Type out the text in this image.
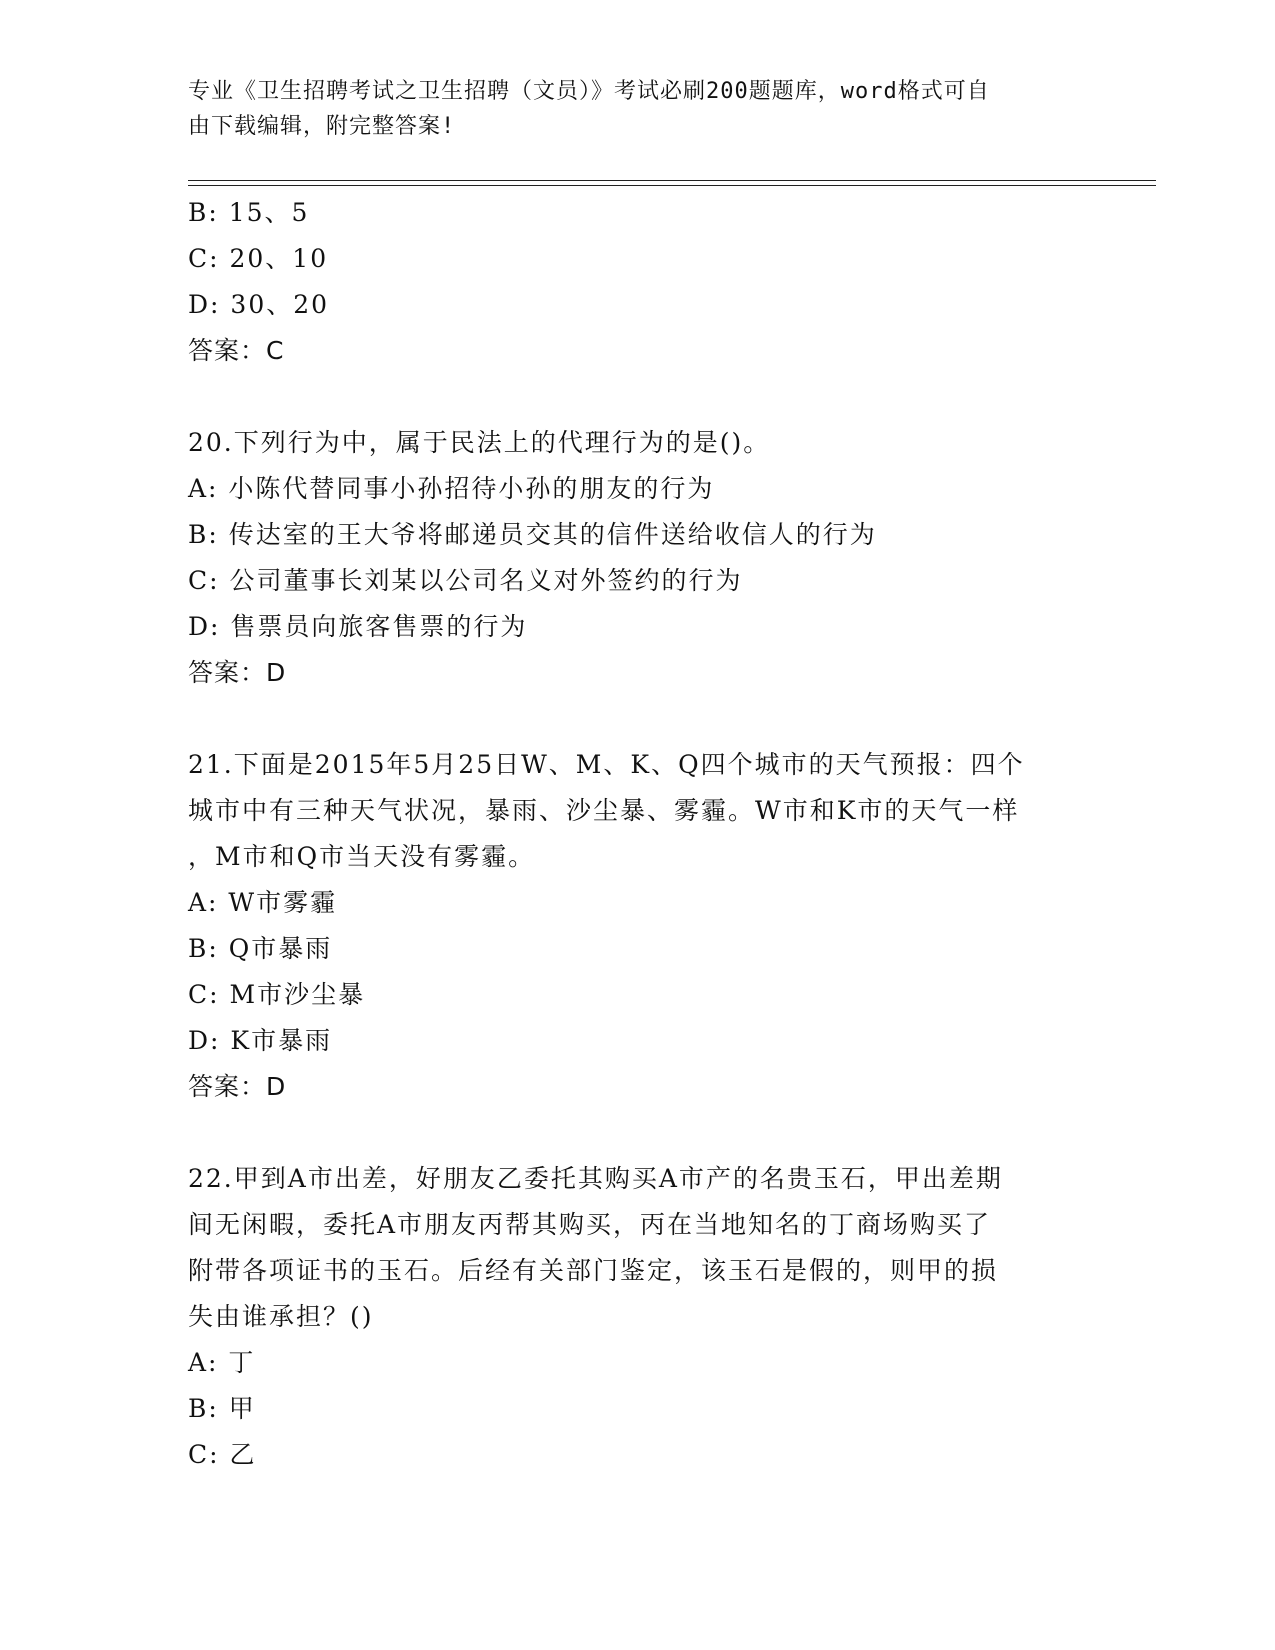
专业《卫生招聘考试之卫生招聘（文员）》考试必刷200题题库，word格式可自
由下载编辑，附完整答案!

B: 15、5

C: 20、10

D: 30、20

答案：C

20.下列行为中，属于民法上的代理行为的是()。

A: 小陈代替同事小孙招待小孙的朋友的行为

B: 传达室的王大爷将邮递员交其的信件送给收信人的行为

C: 公司董事长刘某以公司名义对外签约的行为

D: 售票员向旅客售票的行为

答案：D

21.下面是2015年5月25日W、M、K、Q四个城市的天气预报：四个

城市中有三种天气状况，暴雨、沙尘暴、雾霾。W市和K市的天气一样

，M市和Q市当天没有雾霾。

A: W市雾霾

B: Q市暴雨

C: M市沙尘暴

D: K市暴雨

答案：D

22.甲到A市出差，好朋友乙委托其购买A市产的名贵玉石，甲出差期

间无闲暇，委托A市朋友丙帮其购买，丙在当地知名的丁商场购买了

附带各项证书的玉石。后经有关部门鉴定，该玉石是假的，则甲的损

失由谁承担？()

A: 丁

B: 甲

C: 乙
